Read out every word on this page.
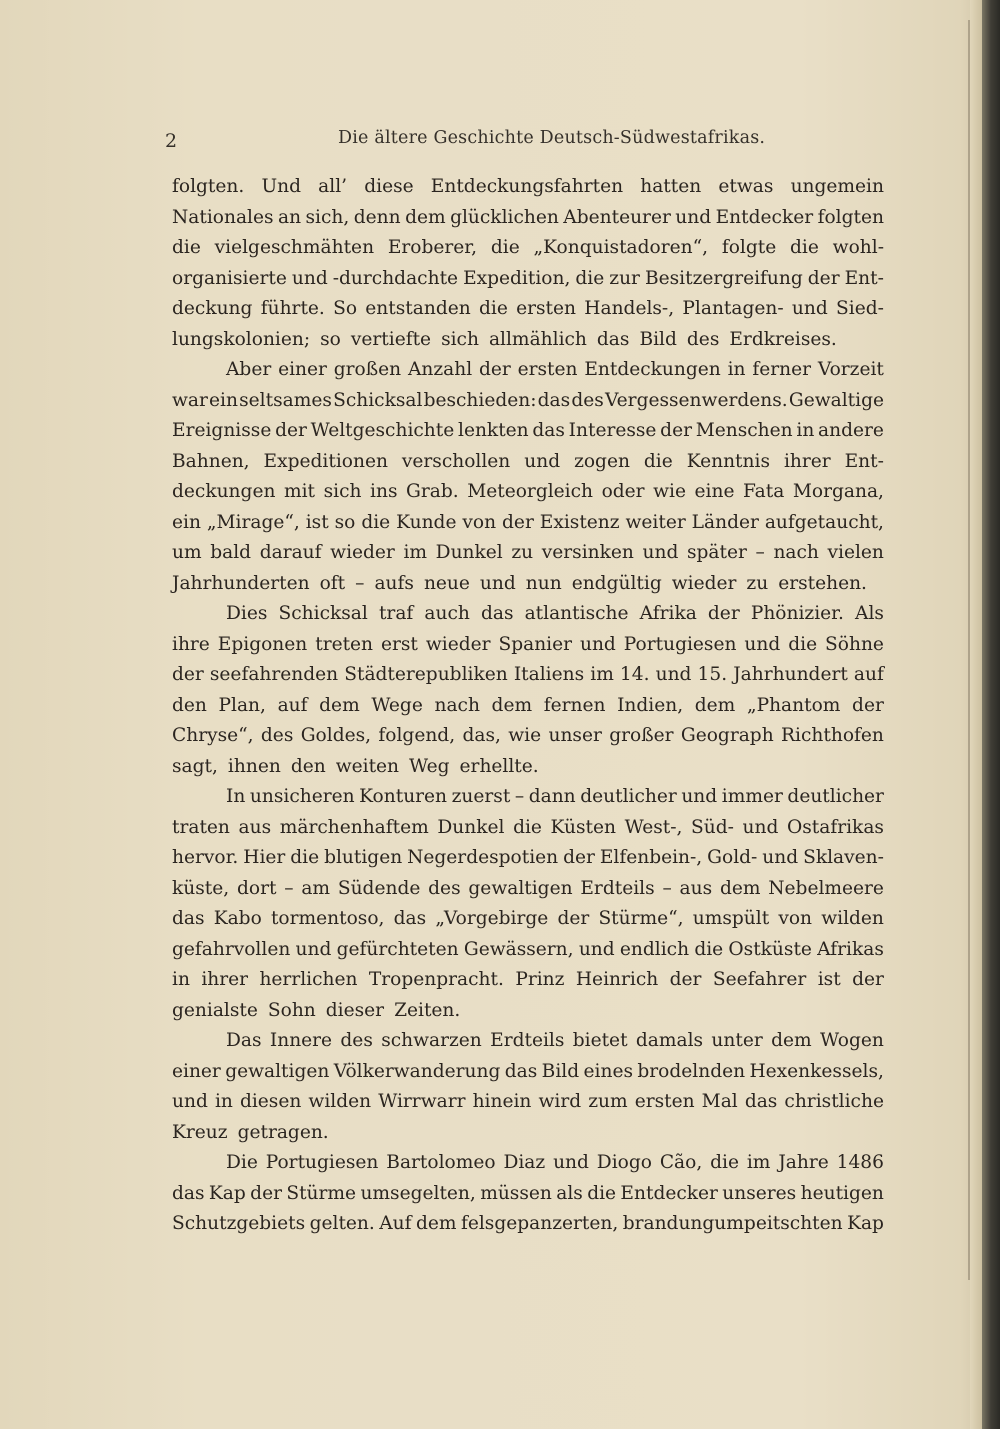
2	Die ältere Geschichte Deutsch-Südwestafrikas.
folgten. Und all’ diese Entdeckungsfahrten hatten etwas ungemein
Nationales an sich, denn dem glücklichen Abenteurer und Entdecker folgten
die vielgeschmähten Eroberer, die „Konquistadoren“, folgte die wohl-
organisierte und -durchdachte Expedition, die zur Besitzergreifung der Ent-
deckung führte. So entstanden die ersten Handels-, Plantagen- und Sied-
lungskolonien; so vertiefte sich allmählich das Bild des Erdkreises.
Aber einer großen Anzahl der ersten Entdeckungen in ferner Vorzeit
war ein seltsames Schicksal beschieden: das des Vergessenwerdens. Gewaltige
Ereignisse der Weltgeschichte lenkten das Interesse der Menschen in andere
Bahnen, Expeditionen verschollen und zogen die Kenntnis ihrer Ent-
deckungen mit sich ins Grab. Meteorgleich oder wie eine Fata Morgana,
ein „Mirage“, ist so die Kunde von der Existenz weiter Länder aufgetaucht,
um bald darauf wieder im Dunkel zu versinken und später – nach vielen
Jahrhunderten oft – aufs neue und nun endgültig wieder zu erstehen.
Dies Schicksal traf auch das atlantische Afrika der Phönizier. Als
ihre Epigonen treten erst wieder Spanier und Portugiesen und die Söhne
der seefahrenden Städterepubliken Italiens im 14. und 15. Jahrhundert auf
den Plan, auf dem Wege nach dem fernen Indien, dem „Phantom der
Chryse“, des Goldes, folgend, das, wie unser großer Geograph Richthofen
sagt, ihnen den weiten Weg erhellte.
In unsicheren Konturen zuerst – dann deutlicher und immer deutlicher
traten aus märchenhaftem Dunkel die Küsten West-, Süd- und Ostafrikas
hervor. Hier die blutigen Negerdespotien der Elfenbein-, Gold- und Sklaven-
küste, dort – am Südende des gewaltigen Erdteils – aus dem Nebelmeere
das Kabo tormentoso, das „Vorgebirge der Stürme“, umspült von wilden
gefahrvollen und gefürchteten Gewässern, und endlich die Ostküste Afrikas
in ihrer herrlichen Tropenpracht. Prinz Heinrich der Seefahrer ist der
genialste Sohn dieser Zeiten.
Das Innere des schwarzen Erdteils bietet damals unter dem Wogen
einer gewaltigen Völkerwanderung das Bild eines brodelnden Hexenkessels,
und in diesen wilden Wirrwarr hinein wird zum ersten Mal das christliche
Kreuz getragen.
Die Portugiesen Bartolomeo Diaz und Diogo Cão, die im Jahre 1486
das Kap der Stürme umsegelten, müssen als die Entdecker unseres heutigen
Schutzgebiets gelten. Auf dem felsgepanzerten, brandungumpeitschten Kap
